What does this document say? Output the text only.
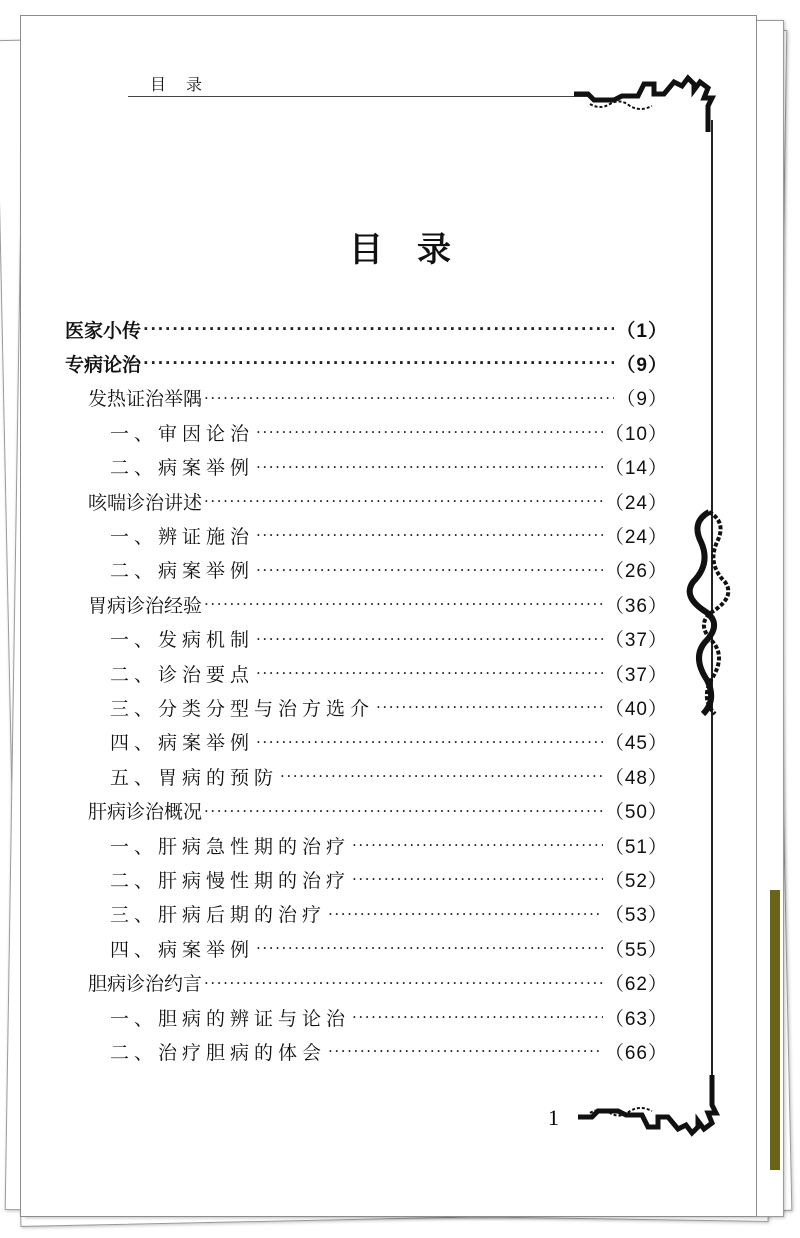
目录
目录
医家小传 ·····	（1）
专病论治 ·····	（9）
发热证治举隅 ·····	（9）
一、审因论治 ·····	（10）
二、病案举例 ·····	（14）
咳喘诊治讲述 ·····	（24）
一、辨证施治 ·····	（24）
二、病案举例 ·····	（26）
胃病诊治经验 ·····	（36）
一、发病机制 ·····	（37）
二、诊治要点 ·····	（37）
三、分类分型与治方选介 ·····	（40）
四、病案举例 ·····	（45）
五、胃病的预防 ·····	（48）
肝病诊治概况 ·····	（50）
一、肝病急性期的治疗 ·····	（51）
二、肝病慢性期的治疗 ·····	（52）
三、肝病后期的治疗 ·····	（53）
四、病案举例 ·····	（55）
胆病诊治约言 ·····	（62）
一、胆病的辨证与论治 ·····	（63）
二、治疗胆病的体会 ·····	（66）
1
